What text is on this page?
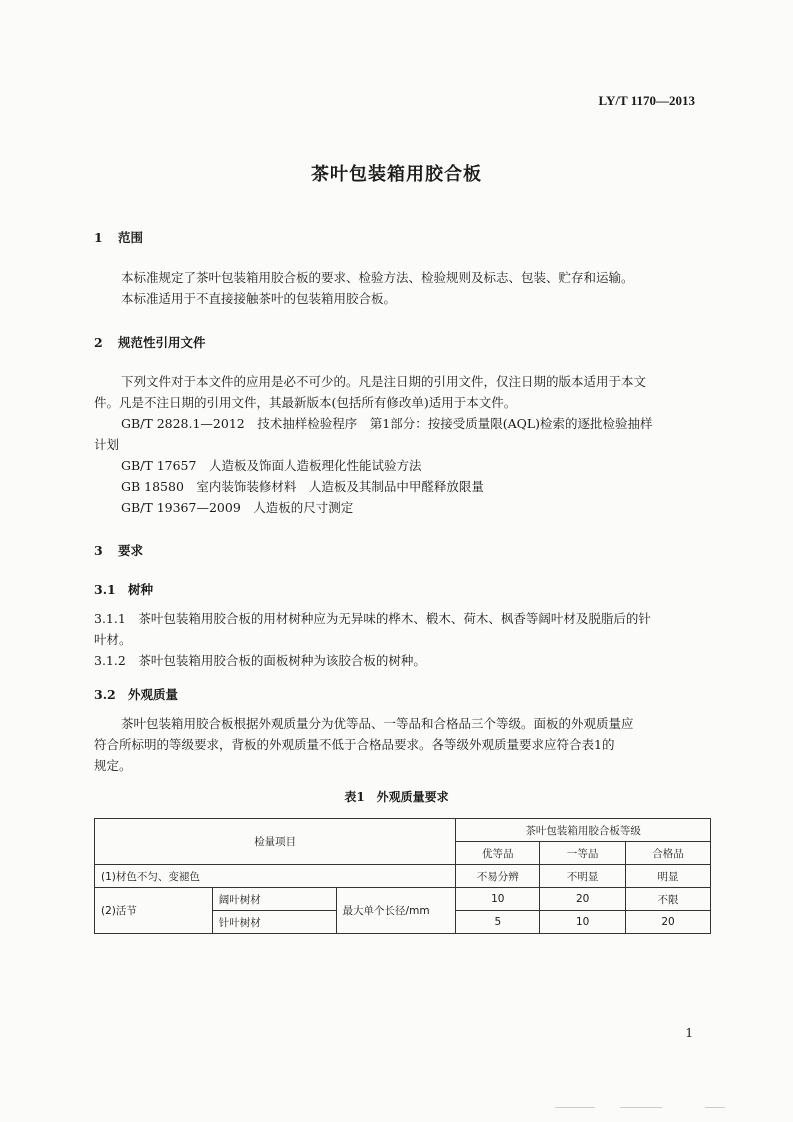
LY/T 1170—2013
茶叶包装箱用胶合板
1 范围
本标准规定了茶叶包装箱用胶合板的要求、检验方法、检验规则及标志、包装、贮存和运输。
本标准适用于不直接接触茶叶的包装箱用胶合板。
2 规范性引用文件
下列文件对于本文件的应用是必不可少的。凡是注日期的引用文件，仅注日期的版本适用于本文
件。凡是不注日期的引用文件，其最新版本(包括所有修改单)适用于本文件。
GB/T 2828.1—2012　技术抽样检验程序　第1部分：按接受质量限(AQL)检索的逐批检验抽样
计划
GB/T 17657　人造板及饰面人造板理化性能试验方法
GB 18580　室内装饰装修材料　人造板及其制品中甲醛释放限量
GB/T 19367—2009　人造板的尺寸测定
3 要求
3.1 树种
3.1.1　 茶叶包装箱用胶合板的用材树种应为无异味的桦木、椴木、荷木、枫香等阔叶材及脱脂后的针
叶材。
3.1.2　 茶叶包装箱用胶合板的面板树种为该胶合板的树种。
3.2 外观质量
茶叶包装箱用胶合板根据外观质量分为优等品、一等品和合格品三个等级。面板的外观质量应
符合所标明的等级要求，背板的外观质量不低于合格品要求。各等级外观质量要求应符合表1的
规定。
表1　外观质量要求
检量项目			茶叶包装箱用胶合板等级		
			优等品	一等品	合格品
(1)材色不匀、变褪色			不易分辨	不明显	明显
(2)活节	阔叶树材	最大单个长径/mm	10	20	不限
	针叶树材		5	10	20
1
